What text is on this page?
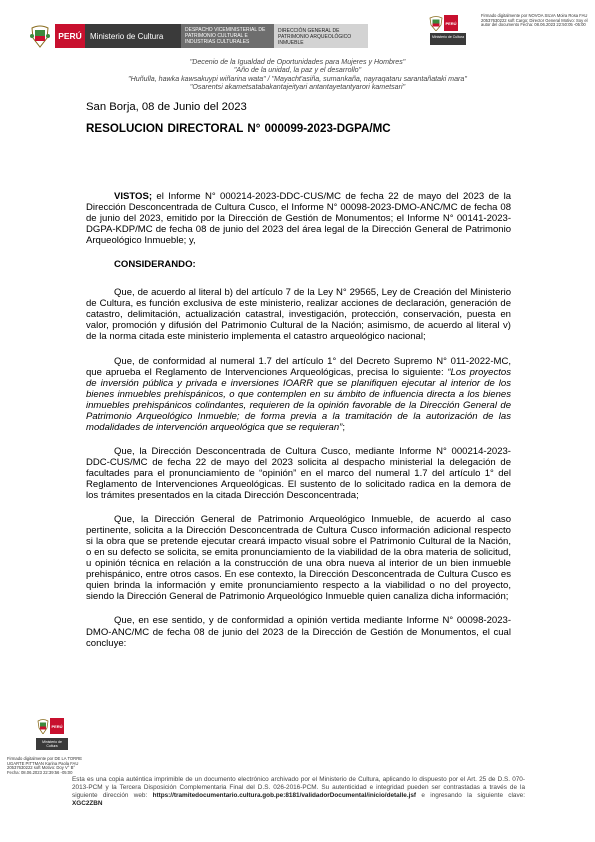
PERÚ	Ministerio de Cultura
DESPACHO VICEMINISTERIAL DE PATRIMONIO CULTURAL E INDUSTRIAS CULTURALES
DIRECCIÓN GENERAL DE PATRIMONIO ARQUEOLÓGICO INMUEBLE
PERÚ
Ministerio de Cultura
Firmado digitalmente por NOVOA SILVA Moira Rosa FAU 20537630222 soft Cargo: Director General Motivo: Soy el autor del documento Fecha: 08.06.2023 22:50:05 -05:00
"Decenio de la Igualdad de Oportunidades para Mujeres y Hombres"
"Año de la unidad, la paz y el desarrollo"
"Huñulla, hawka kawsakuypi wiñarina wata" / "Mayacht'asiña, sumankaña, nayraqataru sarantañataki mara"
"Osarentsi akametsatabakantajeityari antantayetantyarori kametsari"
San Borja, 08 de Junio del 2023
RESOLUCION DIRECTORAL N° 000099-2023-DGPA/MC

VISTOS; el Informe N° 000214-2023-DDC-CUS/MC de fecha 22 de mayo del 2023 de la Dirección Desconcentrada de Cultura Cusco, el Informe N° 00098-2023-DMO-ANC/MC de fecha 08 de junio del 2023, emitido por la Dirección de Gestión de Monumentos; el Informe N° 00141-2023-DGPA-KDP/MC de fecha 08 de junio del 2023 del área legal de la Dirección General de Patrimonio Arqueológico Inmueble; y,

CONSIDERANDO:

Que, de acuerdo al literal b) del artículo 7 de la Ley N° 29565, Ley de Creación del Ministerio de Cultura, es función exclusiva de este ministerio, realizar acciones de declaración, generación de catastro, delimitación, actualización catastral, investigación, protección, conservación, puesta en valor, promoción y difusión del Patrimonio Cultural de la Nación; asimismo, de acuerdo al literal v) de la norma citada este ministerio implementa el catastro arqueológico nacional;

Que, de conformidad al numeral 1.7 del artículo 1° del Decreto Supremo N° 011-2022-MC, que aprueba el Reglamento de Intervenciones Arqueológicas, precisa lo siguiente: “Los proyectos de inversión pública y privada e inversiones IOARR que se planifiquen ejecutar al interior de los bienes inmuebles prehispánicos, o que contemplen en su ámbito de influencia directa a los bienes inmuebles prehispánicos colindantes, requieren de la opinión favorable de la Dirección General de Patrimonio Arqueológico Inmueble; de forma previa a la tramitación de la autorización de las modalidades de intervención arqueológica que se requieran”;

Que, la Dirección Desconcentrada de Cultura Cusco, mediante Informe N° 000214-2023-DDC-CUS/MC de fecha 22 de mayo del 2023 solicita al despacho ministerial la delegación de facultades para el pronunciamiento de “opinión” en el marco del numeral 1.7 del artículo 1° del Reglamento de Intervenciones Arqueológicas. El sustento de lo solicitado radica en la demora de los trámites presentados en la citada Dirección Desconcentrada;

Que, la Dirección General de Patrimonio Arqueológico Inmueble, de acuerdo al caso pertinente, solicita a la Dirección Desconcentrada de Cultura Cusco información adicional respecto si la obra que se pretende ejecutar creará impacto visual sobre el Patrimonio Cultural de la Nación, o en su defecto se solicita, se emita pronunciamiento de la viabilidad de la obra materia de solicitud, u opinión técnica en relación a la construcción de una obra nueva al interior de un bien inmueble prehispánico, entre otros casos. En ese contexto, la Dirección Desconcentrada de Cultura Cusco es quien brinda la información y emite pronunciamiento respecto a la viabilidad o no del proyecto, siendo la Dirección General de Patrimonio Arqueológico Inmueble quien canaliza dicha información;

Que, en ese sentido, y de conformidad a opinión vertida mediante Informe N° 00098-2023-DMO-ANC/MC de fecha 08 de junio del 2023 de la Dirección de Gestión de Monumentos, el cual concluye:

PERÚ
Ministerio de Cultura
Firmado digitalmente por DE LA TORRE UGARTE PITTMAN Karina Paola FAU 20537630222 soft Motivo: Doy V° B° Fecha: 08.06.2023 22:39:56 -05:00
Esta es una copia auténtica imprimible de un documento electrónico archivado por el Ministerio de Cultura, aplicando lo dispuesto por el Art. 25 de D.S. 070-2013-PCM y la Tercera Disposición Complementaria Final del D.S. 026-2016-PCM. Su autenticidad e integridad pueden ser contrastadas a través de la siguiente dirección web: https://tramitedocumentario.cultura.gob.pe:8181/validadorDocumental/inicio/detalle.jsf e ingresando la siguiente clave: XGC2ZBN
